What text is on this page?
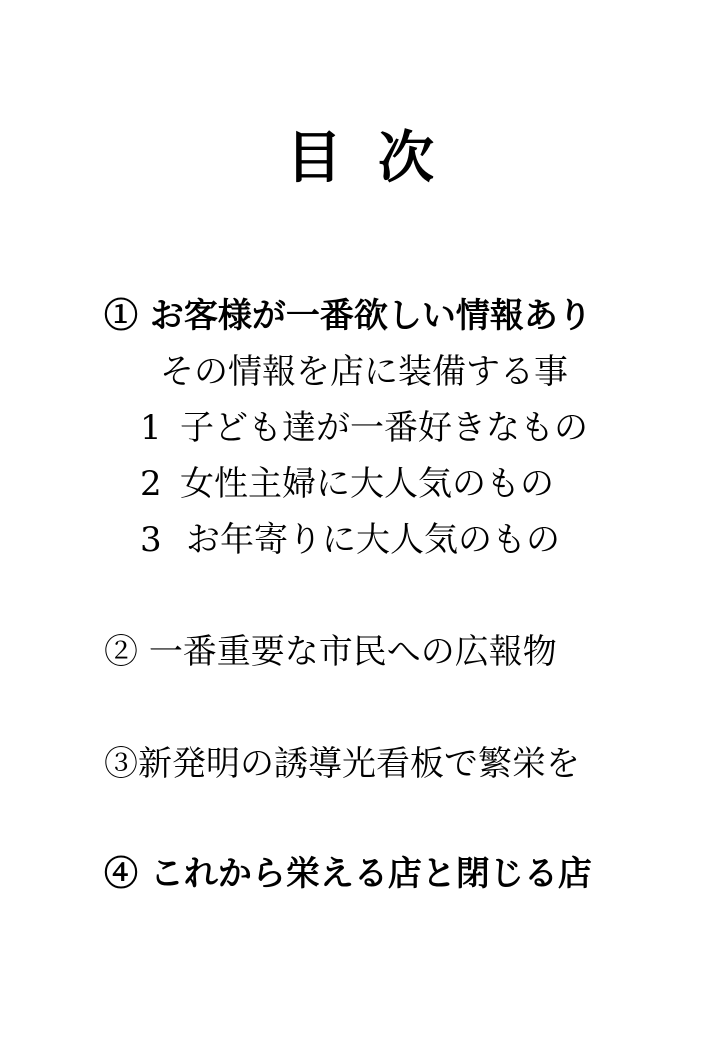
目 次
① お客様が一番欲しい情報あり
その情報を店に装備する事
1 子ども達が一番好きなもの
2 女性主婦に大人気のもの
3 お年寄りに大人気のもの
② 一番重要な市民への広報物
③新発明の誘導光看板で繁栄を
④ これから栄える店と閉じる店
